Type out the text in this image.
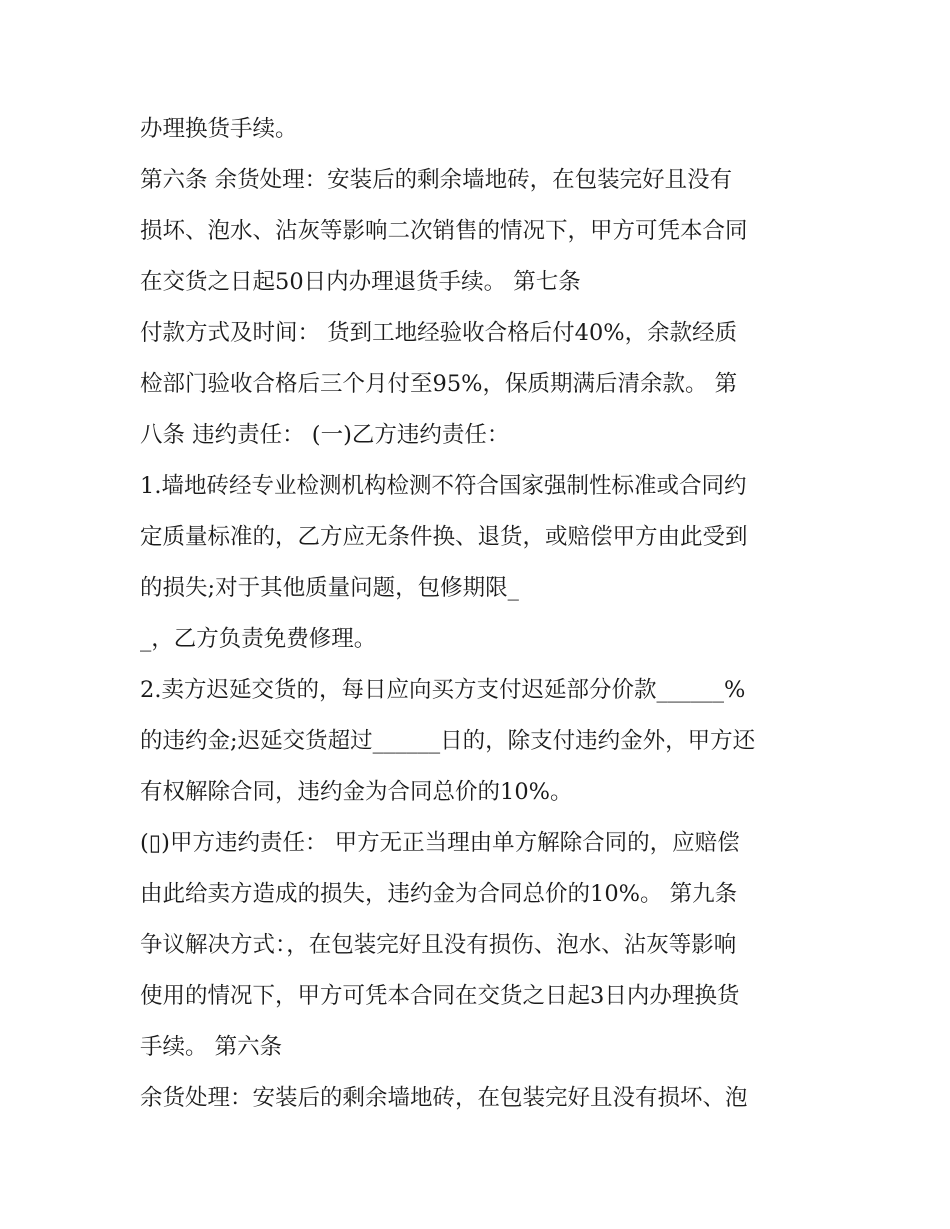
办理换货手续。
第六条 余货处理：安装后的剩余墙地砖，在包装完好且没有
损坏、泡水、沾灰等影响二次销售的情况下，甲方可凭本合同
在交货之日起50日内办理退货手续。 第七条
付款方式及时间： 货到工地经验收合格后付40%，余款经质
检部门验收合格后三个月付至95%，保质期满后清余款。 第
八条 违约责任： (一)乙方违约责任：
1.墙地砖经专业检测机构检测不符合国家强制性标准或合同约
定质量标准的，乙方应无条件换、退货，或赔偿甲方由此受到
的损失;对于其他质量问题，包修期限_
_，乙方负责免费修理。
2.卖方迟延交货的，每日应向买方支付迟延部分价款______%
的违约金;迟延交货超过______日的，除支付违约金外，甲方还
有权解除合同，违约金为合同总价的10%。
(▯)甲方违约责任： 甲方无正当理由单方解除合同的，应赔偿
由此给卖方造成的损失，违约金为合同总价的10%。 第九条
争议解决方式：，在包装完好且没有损伤、泡水、沾灰等影响
使用的情况下，甲方可凭本合同在交货之日起3日内办理换货
手续。 第六条
余货处理：安装后的剩余墙地砖，在包装完好且没有损坏、泡
